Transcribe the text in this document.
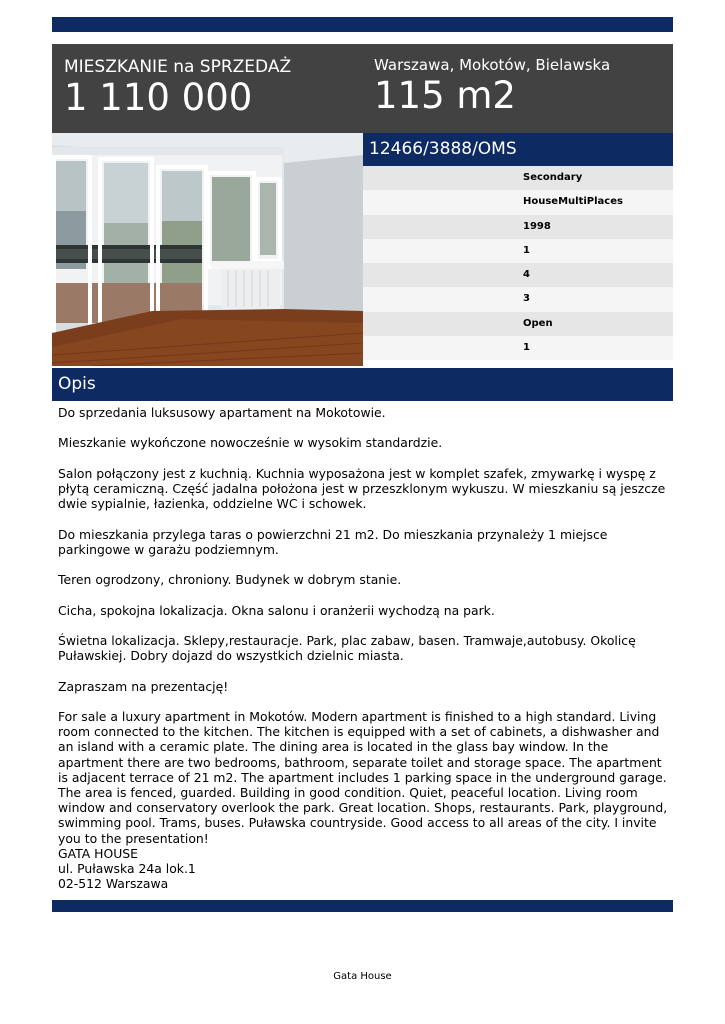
MIESZKANIE na SPRZEDAŻ
1 110 000
Warszawa, Mokotów, Bielawska
115 m2
12466/3888/OMS
Secondary
HouseMultiPlaces
1998
1
4
3
Open
1
Opis

Do sprzedania luksusowy apartament na Mokotowie.

Mieszkanie wykończone nowocześnie w wysokim standardzie.

Salon połączony jest z kuchnią. Kuchnia wyposażona jest w komplet szafek, zmywarkę i wyspę z płytą ceramiczną. Część jadalna położona jest w przeszklonym wykuszu. W mieszkaniu są jeszcze dwie sypialnie, łazienka, oddzielne WC i schowek.

Do mieszkania przylega taras o powierzchni 21 m2. Do mieszkania przynależy 1 miejsce parkingowe w garażu podziemnym.

Teren ogrodzony, chroniony. Budynek w dobrym stanie.

Cicha, spokojna lokalizacja. Okna salonu i oranżerii wychodzą na park.

Świetna lokalizacja. Sklepy,restauracje. Park, plac zabaw, basen. Tramwaje,autobusy. Okolicę Puławskiej. Dobry dojazd do wszystkich dzielnic miasta.

Zapraszam na prezentację!

For sale a luxury apartment in Mokotów. Modern apartment is finished to a high standard. Living room connected to the kitchen. The kitchen is equipped with a set of cabinets, a dishwasher and an island with a ceramic plate. The dining area is located in the glass bay window. In the apartment there are two bedrooms, bathroom, separate toilet and storage space. The apartment is adjacent terrace of 21 m2. The apartment includes 1 parking space in the underground garage. The area is fenced, guarded. Building in good condition. Quiet, peaceful location. Living room window and conservatory overlook the park. Great location. Shops, restaurants. Park, playground, swimming pool. Trams, buses. Puławska countryside. Good access to all areas of the city. I invite you to the presentation!

GATA HOUSE
ul. Puławska 24a lok.1
02-512 Warszawa
Gata House
